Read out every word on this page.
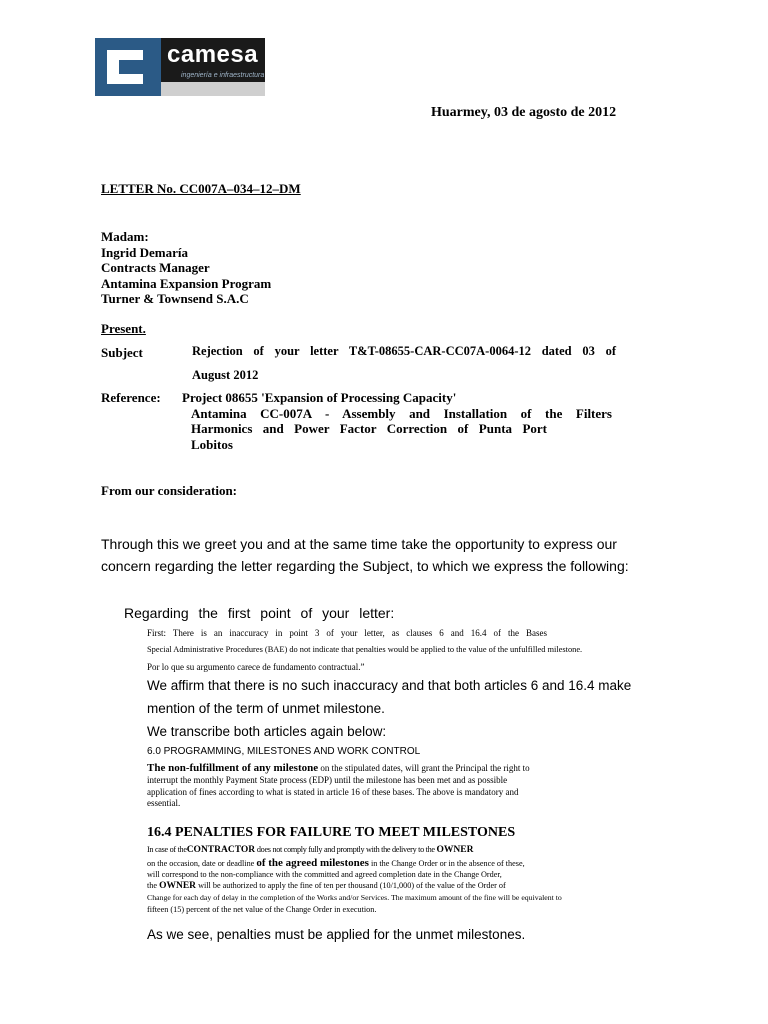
camesa
ingeniería e infraestructura
Huarmey, 03 de agosto de 2012
LETTER No. CC007A–034–12–DM
Madam:
Ingrid Demaría
Contracts Manager
Antamina Expansion Program
Turner & Townsend S.A.C
Present.
Subject	Rejection of your letter T&T-08655-CAR-CC07A-0064-12 dated 03 of
August 2012
Reference: Project 08655 'Expansion of Processing Capacity'
Antamina CC-007A - Assembly and Installation of the Filters
Harmonics and Power Factor Correction of Punta Port
Lobitos
From our consideration:
Through this we greet you and at the same time take the opportunity to express our
concern regarding the letter regarding the Subject, to which we express the following:
Regarding the first point of your letter:
First: There is an inaccuracy in point 3 of your letter, as clauses 6 and 16.4 of the Bases
Special Administrative Procedures (BAE) do not indicate that penalties would be applied to the value of the unfulfilled milestone.
Por lo que su argumento carece de fundamento contractual.”
We affirm that there is no such inaccuracy and that both articles 6 and 16.4 make
mention of the term of unmet milestone.
We transcribe both articles again below:
6.0 PROGRAMMING, MILESTONES AND WORK CONTROL
The non-fulfillment of any milestone on the stipulated dates, will grant the Principal the right to
interrupt the monthly Payment State process (EDP) until the milestone has been met and as possible
application of fines according to what is stated in article 16 of these bases. The above is mandatory and
essential.
16.4 PENALTIES FOR FAILURE TO MEET MILESTONES
In case of theCONTRACTOR does not comply fully and promptly with the delivery to the OWNER
on the occasion, date or deadline of the agreed milestones in the Change Order or in the absence of these,
will correspond to the non-compliance with the committed and agreed completion date in the Change Order,
the OWNER will be authorized to apply the fine of ten per thousand (10/1,000) of the value of the Order of
Change for each day of delay in the completion of the Works and/or Services. The maximum amount of the fine will be equivalent to
fifteen (15) percent of the net value of the Change Order in execution.
As we see, penalties must be applied for the unmet milestones.
